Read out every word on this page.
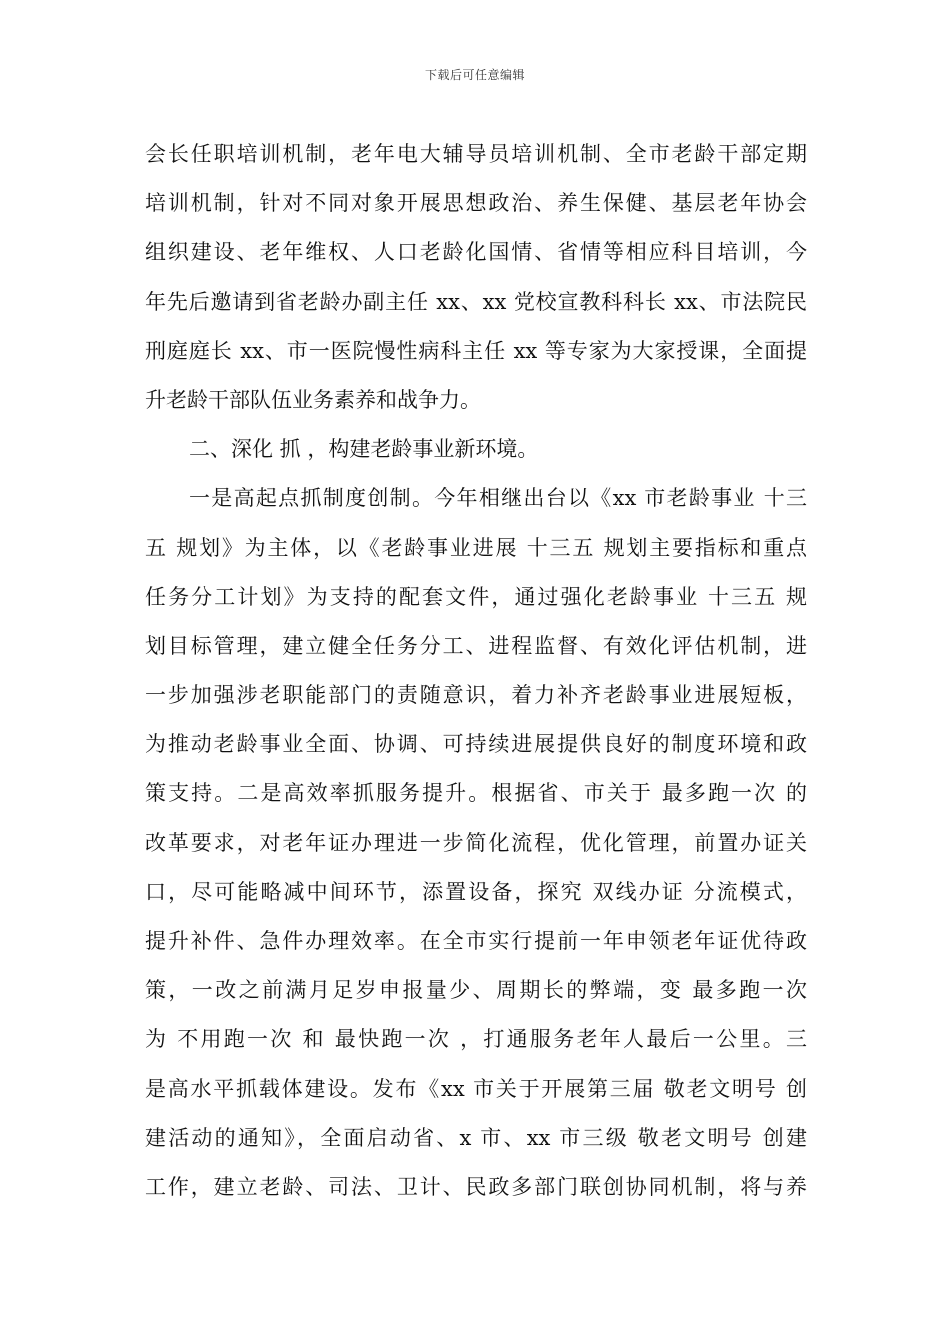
下载后可任意编辑
会长任职培训机制，老年电大辅导员培训机制、全市老龄干部定期
培训机制，针对不同对象开展思想政治、养生保健、基层老年协会
组织建设、老年维权、人口老龄化国情、省情等相应科目培训，今
年先后邀请到省老龄办副主任 xx、xx 党校宣教科科长 xx、市法院民
刑庭庭长 xx、市一医院慢性病科主任 xx 等专家为大家授课，全面提
升老龄干部队伍业务素养和战争力。
二、深化 抓 ，构建老龄事业新环境。
一是高起点抓制度创制。今年相继出台以《xx 市老龄事业 十三
五 规划》为主体，以《老龄事业进展 十三五 规划主要指标和重点
任务分工计划》为支持的配套文件，通过强化老龄事业 十三五 规
划目标管理，建立健全任务分工、进程监督、有效化评估机制，进
一步加强涉老职能部门的责随意识，着力补齐老龄事业进展短板，
为推动老龄事业全面、协调、可持续进展提供良好的制度环境和政
策支持。二是高效率抓服务提升。根据省、市关于 最多跑一次 的
改革要求，对老年证办理进一步简化流程，优化管理，前置办证关
口，尽可能略减中间环节，添置设备，探究 双线办证 分流模式，
提升补件、急件办理效率。在全市实行提前一年申领老年证优待政
策，一改之前满月足岁申报量少、周期长的弊端，变 最多跑一次
为 不用跑一次 和 最快跑一次 ，打通服务老年人最后一公里。三
是高水平抓载体建设。发布《xx 市关于开展第三届 敬老文明号 创
建活动的通知》，全面启动省、x 市、xx 市三级 敬老文明号 创建
工作，建立老龄、司法、卫计、民政多部门联创协同机制，将与养
